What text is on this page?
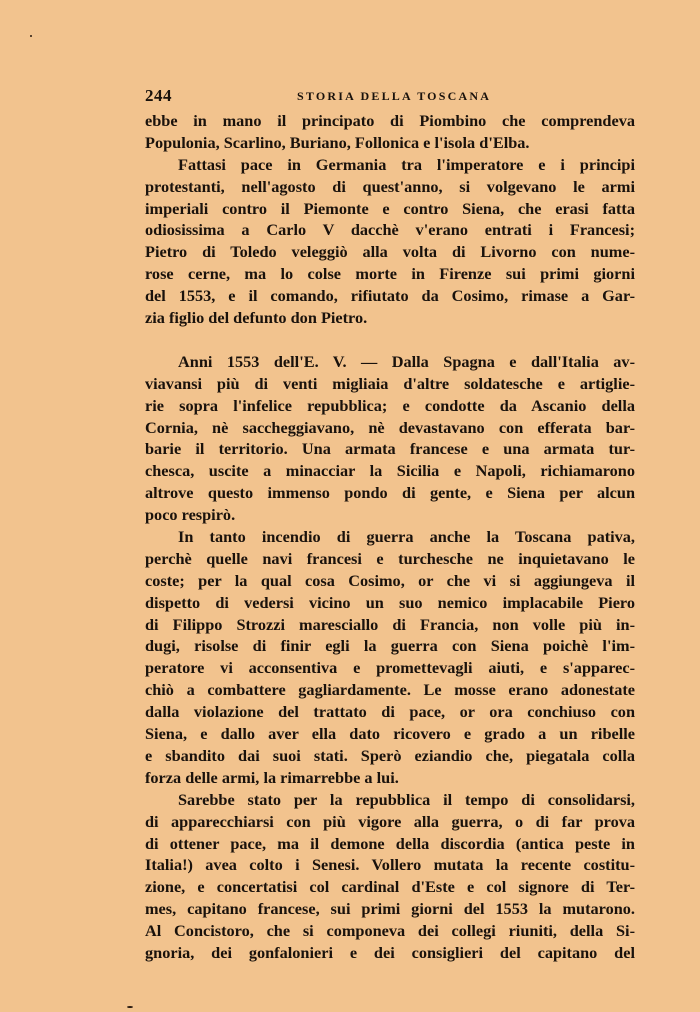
244	STORIA DELLA TOSCANA
ebbe in mano il principato di Piombino che comprendeva
Populonia, Scarlino, Buriano, Follonica e l'isola d'Elba.
Fattasi pace in Germania tra l'imperatore e i principi
protestanti, nell'agosto di quest'anno, si volgevano le armi
imperiali contro il Piemonte e contro Siena, che erasi fatta
odiosissima a Carlo V dacchè v'erano entrati i Francesi;
Pietro di Toledo veleggiò alla volta di Livorno con nume-
rose cerne, ma lo colse morte in Firenze sui primi giorni
del 1553, e il comando, rifiutato da Cosimo, rimase a Gar-
zia figlio del defunto don Pietro.
Anni 1553 dell'E. V. — Dalla Spagna e dall'Italia av-
viavansi più di venti migliaia d'altre soldatesche e artiglie-
rie sopra l'infelice repubblica; e condotte da Ascanio della
Cornia, nè saccheggiavano, nè devastavano con efferata bar-
barie il territorio. Una armata francese e una armata tur-
chesca, uscite a minacciar la Sicilia e Napoli, richiamarono
altrove questo immenso pondo di gente, e Siena per alcun
poco respirò.
In tanto incendio di guerra anche la Toscana pativa,
perchè quelle navi francesi e turchesche ne inquietavano le
coste; per la qual cosa Cosimo, or che vi si aggiungeva il
dispetto di vedersi vicino un suo nemico implacabile Piero
di Filippo Strozzi maresciallo di Francia, non volle più in-
dugi, risolse di finir egli la guerra con Siena poichè l'im-
peratore vi acconsentiva e promettevagli aiuti, e s'apparec-
chiò a combattere gagliardamente. Le mosse erano adonestate
dalla violazione del trattato di pace, or ora conchiuso con
Siena, e dallo aver ella dato ricovero e grado a un ribelle
e sbandito dai suoi stati. Sperò eziandio che, piegatala colla
forza delle armi, la rimarrebbe a lui.
Sarebbe stato per la repubblica il tempo di consolidarsi,
di apparecchiarsi con più vigore alla guerra, o di far prova
di ottener pace, ma il demone della discordia (antica peste in
Italia!) avea colto i Senesi. Vollero mutata la recente costitu-
zione, e concertatisi col cardinal d'Este e col signore di Ter-
mes, capitano francese, sui primi giorni del 1553 la mutarono.
Al Concistoro, che si componeva dei collegi riuniti, della Si-
gnoria, dei gonfalonieri e dei consiglieri del capitano del
